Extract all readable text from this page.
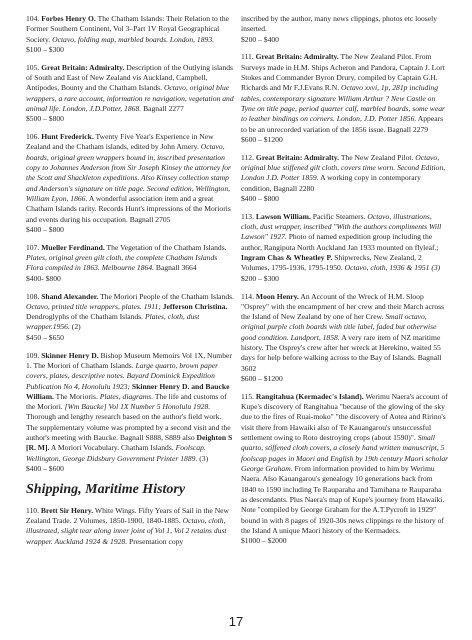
104. Forbes Henry O. The Chatham Islands: Their Relation to the Former Southern Continent, Vol 3–Part 1V Royal Geographical Society. Octavo, folding map, marbled boards. London, 1893.

$100 – $300

105. Great Britain: Admiralty. Description of the Outlying islands of South and East of New Zealand vis Auckland, Campbell, Antipodes, Bounty and the Chatham Islands. Octavo, original blue wrappers, a rare account, information re navigation, vegetation and animal life. London, J.D.Potter, 1868. Bagnall 2277

$500 – $800

106. Hunt Frederick. Twenty Five Year's Experience in New Zealand and the Chatham islands, edited by John Amery. Octavo, boards, original green wrappers bound in, inscribed presentation copy to Johannes Anderson from Sir Joseph Kinsey the attorney for the Scott and Shackleton expeditions. Also Kinsey collection stamp and Anderson's signature on title page. Second edition, Wellington, William Lyon, 1866. A wonderful association item and a great Chatham Islands rarity. Records Hunt's impressions of the Morioris and events during his occupation. Bagnall 2705

$400 – $800

107. Mueller Ferdinand. The Vegetation of the Chatham Islands. Plates, original green gilt cloth, the complete Chatham Islands Flora compiled in 1863. Melbourne 1864. Bagnall 3664

$400- $800

108. Shand Alexander. The Moriori People of the Chatham Islands. Octavo, printed title wrappers, plates. 1911; Jefferson Christina. Dendroglyphs of the Chatham Islands. Plates, cloth, dust wrapper.1956. (2)

$450 – $650

109. Skinner Henry D. Bishop Museum Memoirs Vol 1X, Number 1. The Moriori of Chatham Islands. Large quarto, brown paper covers, plates, descriptive notes. Bayard Dominick Expedition Publication No 4, Honolulu 1923; Skinner Henry D. and Baucke William. The Morioris. Plates, diagrams. The life and customs of the Moriori. [Wm Baucke] Vol 1X Number 5 Honolulu 1928. Thorough and lengthy research based on the author's field work. The supplementary volume was prompted by a second visit and the author's meeting with Baucke. Bagnall S888, S889 also Deighton S [R. M]. A Moriori Vocabulary. Chatham Islands. Foolscap. Wellington, George Didsbury Government Printer 1889. (3)

$400 – $600

Shipping, Maritime History

110. Brett Sir Henry. White Wings. Fifty Years of Sail in the New Zealand Trade. 2 Volumes, 1850-1900, 1840-1885. Octavo, cloth, illustrated, slight tear along inner joint of Vol 1, Vol 2 retains dust wrapper. Auckland 1924 & 1928. Presentation copy

inscribed by the author, many news clippings, photos etc loosely inserted.

$200 – $400

111. Great Britain: Admiralty. The New Zealand Pilot. From Surveys made in H.M. Ships Acheron and Pandora, Captain J. Lort Stokes and Commander Byron Drury, compiled by Captain G.H. Richards and Mr F.J.Evans R.N. Octavo xxvi, 1p, 281p including tables, contemporary signature William Arthur ? New Castle on Tyne on title page, period quarter calf, marbled boards, some wear to leather bindings on corners. London, J.D. Potter 1856. Appears to be an unrecorded variation of the 1856 issue. Bagnall 2279

$600 – $1200

112. Great Britain: Admiralty. The New Zealand Pilot. Octavo, original blue stiffened gilt cloth, covers time worn. Second Edition, London J.D. Potter 1859. A working copy in contemporary condition, Bagnall 2280

$400 – $800

113. Lawson William. Pacific Steamers. Octavo, illustrations, cloth, dust wrapper, inscribed "With the authors compliments Will Lawson" 1927. Photo of named expedition group including the author, Rangiputa North Auckland Jan 1933 mounted on flyleaf.; Ingram Chas & Wheatley P. Shipwrecks, New Zealand, 2 Volumes, 1795-1936, 1795-1950. Octavo, cloth, 1936 & 1951 (3)

$200 – $300

114. Moon Henry. An Account of the Wreck of H.M. Sloop "Osprey" with the encampment of her crew and their March across the Island of New Zealand by one of her Crew. Small octavo, original purple cloth boards with title label, faded but otherwise good condition. Landport, 1858. A very rare item of NZ maritime history. The Osprey's crew after her wreck at Herekino, waited 55 days for help before walking across to the Bay of Islands. Bagnall 3602

$600 – $1200

115. Rangitahua (Kermadec's Island). Werimu Naera's account of Kupe's discovery of Rangitahua "because of the glowing of the sky due to the fires of Ruai-moko" "the discovery of Aotea and Ririno's visit there from Hawaiki also of Te Kauangarou's unsuccessful settlement owing to Roto destroying crops (about 1590)". Small quarto, stiffened cloth covers, a closely hand written manuscript, 5 foolscap pages in Maori and English by 19th century Maori scholar George Graham. From information provided to him by Werimu Naera. Also Kauangarou's genealogy 10 generations back from 1840 to 1590 including Te Rauparaha and Tamihana te Rauparaha as descendants. Plus Naera's map of Kupe's journey from Hawaiki. Note "compiled by George Graham for the A.T.Pycroft in 1929" bound in with 8 pages of 1920-30s news clippings re the history of the Island A unique Maori history of the Kermadecs.

$1000 – $2000

17
